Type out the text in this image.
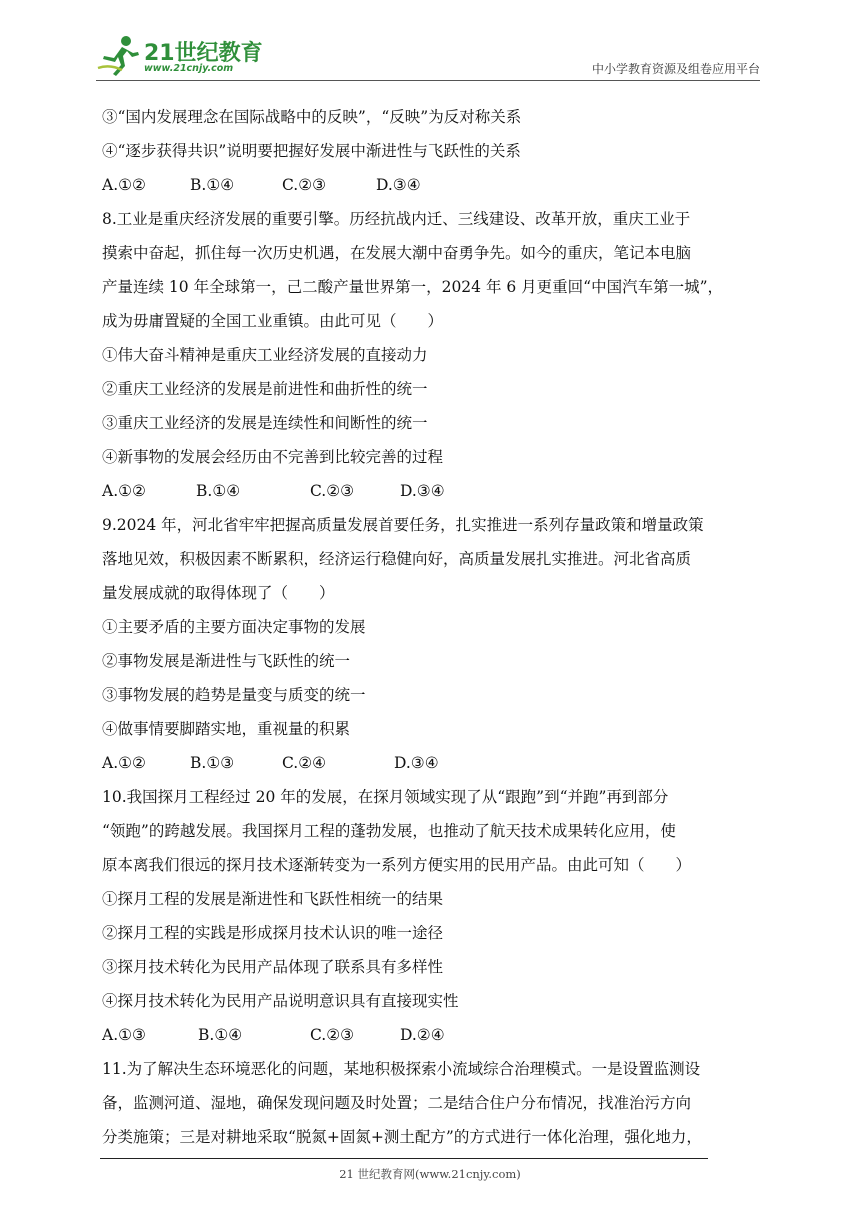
21世纪教育
www.21cnjy.com	中小学教育资源及组卷应用平台
③“国内发展理念在国际战略中的反映”，“反映”为反对称关系
④“逐步获得共识”说明要把握好发展中渐进性与飞跃性的关系
A.①②	B.①④	C.②③	D.③④
8.工业是重庆经济发展的重要引擎。历经抗战内迁、三线建设、改革开放，重庆工业于
摸索中奋起，抓住每一次历史机遇，在发展大潮中奋勇争先。如今的重庆，笔记本电脑
产量连续 10 年全球第一，己二酸产量世界第一，2024 年 6 月更重回“中国汽车第一城”，
成为毋庸置疑的全国工业重镇。由此可见（　　）
①伟大奋斗精神是重庆工业经济发展的直接动力
②重庆工业经济的发展是前进性和曲折性的统一
③重庆工业经济的发展是连续性和间断性的统一
④新事物的发展会经历由不完善到比较完善的过程
A.①②	B.①④	C.②③	D.③④
9.2024 年，河北省牢牢把握高质量发展首要任务，扎实推进一系列存量政策和增量政策
落地见效，积极因素不断累积，经济运行稳健向好，高质量发展扎实推进。河北省高质
量发展成就的取得体现了（　　）
①主要矛盾的主要方面决定事物的发展
②事物发展是渐进性与飞跃性的统一
③事物发展的趋势是量变与质变的统一
④做事情要脚踏实地，重视量的积累
A.①②	B.①③	C.②④	D.③④
10.我国探月工程经过 20 年的发展，在探月领域实现了从“跟跑”到“并跑”再到部分
“领跑”的跨越发展。我国探月工程的蓬勃发展，也推动了航天技术成果转化应用，使
原本离我们很远的探月技术逐渐转变为一系列方便实用的民用产品。由此可知（　　）
①探月工程的发展是渐进性和飞跃性相统一的结果
②探月工程的实践是形成探月技术认识的唯一途径
③探月技术转化为民用产品体现了联系具有多样性
④探月技术转化为民用产品说明意识具有直接现实性
A.①③	B.①④	C.②③	D.②④
11.为了解决生态环境恶化的问题，某地积极探索小流域综合治理模式。一是设置监测设
备，监测河道、湿地，确保发现问题及时处置；二是结合住户分布情况，找准治污方向
分类施策；三是对耕地采取“脱氮+固氮+测土配方”的方式进行一体化治理，强化地力，
21 世纪教育网(www.21cnjy.com)
